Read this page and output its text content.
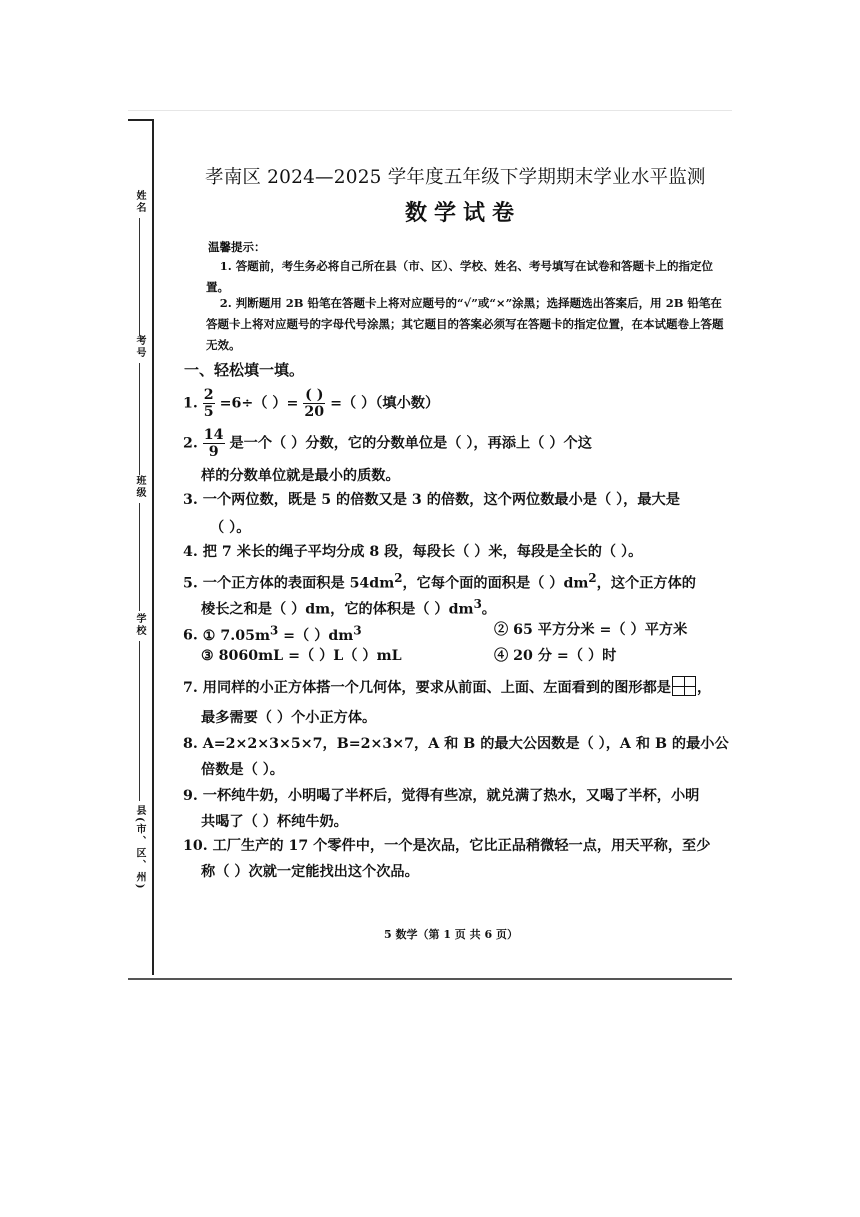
姓名
考号
班级
学校
县(市、区、州)
孝南区 2024—2025 学年度五年级下学期期末学业水平监测
数学试卷
温馨提示：
1. 答题前，考生务必将自己所在县（市、区）、学校、姓名、考号填写在试卷和答题卡上的指定位置。
2. 判断题用 2B 铅笔在答题卡上将对应题号的“√”或“×”涂黑；选择题选出答案后，用 2B 铅笔在答题卡上将对应题号的字母代号涂黑；其它题目的答案必须写在答题卡的指定位置，在本试题卷上答题无效。
一、轻松填一填。
1. $\frac{2}{5} =6\div$（ ）= $\frac{( )}{20}$ =（ ）（填小数）
2. $\frac{14}{9}$ 是一个（ ）分数，它的分数单位是（ ），再添上（ ）个这
样的分数单位就是最小的质数。
3. 一个两位数，既是 5 的倍数又是 3 的倍数，这个两位数最小是（ ），最大是
（ ）。
4. 把 7 米长的绳子平均分成 8 段，每段长（ ）米，每段是全长的（ ）。
5. 一个正方体的表面积是 $54dm^2$，它每个面的面积是（ ）$dm^2$，这个正方体的
棱长之和是（ ）dm，它的体积是（ ）$dm^3$。
6. ① $7.05m^3$ =（ ）$dm^3$	② 65 平方分米 =（ ）平方米
③ 8060mL =（ ）L（ ）mL	④ 20 分 =（ ）时
7. 用同样的小正方体搭一个几何体，要求从前面、上面、左面看到的图形都是 ，
最多需要（ ）个小正方体。
8. A=2×2×3×5×7，B=2×3×7，A 和 B 的最大公因数是（ ），A 和 B 的最小公
倍数是（ ）。
9. 一杯纯牛奶，小明喝了半杯后，觉得有些凉，就兑满了热水，又喝了半杯，小明
共喝了（ ）杯纯牛奶。
10. 工厂生产的 17 个零件中，一个是次品，它比正品稍微轻一点，用天平称，至少
称（ ）次就一定能找出这个次品。
5 数学（第 1 页 共 6 页）
